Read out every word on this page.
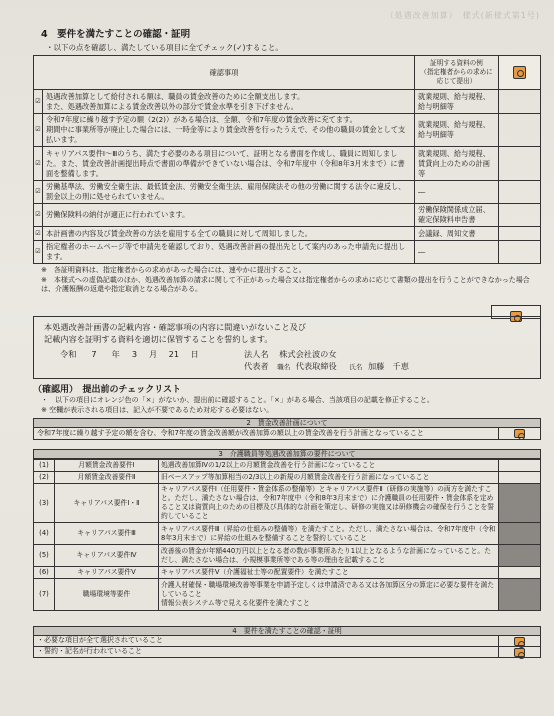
（処遇改善加算）　様式(新様式第1号)
4　要件を満たすことの確認・証明
・以下の点を確認し、満たしている項目に全てチェック(✓)すること。
確認事項		証明する資料の例
（指定権者からの求めに
応じて提出）	
☑	処遇改善加算として給付される額は、職員の賃金改善のために全額支出します。
また、処遇改善加算による賃金改善以外の部分で賃金水準を引き下げません。	就業規則、給与規程、
給与明細等	
☑	令和7年度に繰り越す予定の額（2(2)）がある場合は、全額、令和7年度の賃金改善に充てます。
期間中に事業所等が廃止した場合には、一時金等により賃金改善を行ったうえで、その他の職員の賃金として支払います。	就業規則、給与規程、
給与明細等	
☑	キャリアパス要件Ⅰ～Ⅲのうち、満たす必要のある項目について、証明となる書面を作成し、職員に周知しました。また、賃金改善計画提出時点で書面の準備ができていない場合は、令和7年度中（令和8年3月末まで）に書面を整備します。	就業規則、給与規程、
賃貸向上のための計画等	
☑	労働基準法、労働安全衛生法、最低賃金法、労働安全衛生法、雇用保険法その他の労働に関する法令に違反し、罰金以上の刑に処せられていません。	―	
☑	労働保険料の納付が適正に行われています。	労働保険関係成立届、
確定保険料申告書	
☑	本計画書の内容及び賃金改善の方法を雇用する全ての職員に対して周知しました。	会議録、周知文書	
☑	指定権者のホームページ等で申請先を確認しており、処遇改善計画の提出先として案内のあった申請先に提出します。	―	
※　各証明資料は、指定権者からの求めがあった場合には、速やかに提出すること。
※　本様式への虚偽記載のほか、処遇改善加算の請求に関して不正があった場合又は指定権者からの求めに応じて書類の提出を行うことができなかった場合は、介護報酬の返還や指定取消となる場合がある。
本処遇改善計画書の記載内容・確認事項の内容に間違いがないこと及び
記載内容を証明する資料を適切に保管することを誓約します。
令和 7 年 3 月 21 日	法人名 株式会社波の女
代表者 職名 代表取締役 氏名 加藤　千恵
（確認用）　提出前のチェックリスト
・　以下の項目にオレンジ色の「×」がないか、提出前に確認すること。「×」がある場合、当該項目の記載を修正すること。
※ 空欄が表示される項目は、記入が不要であるため対応する必要はない。
2　賃金改善計画について
令和7年度に繰り越す予定の額を含む、令和7年度の賃金改善額が改善加算の額以上の賃金改善を行う計画となっていること
3　介護職員等処遇改善加算の要件について
(1)	月額賃金改善要件Ⅰ	処遇改善加算Ⅳの1/2以上の月額賃金改善を行う計画になっていること	
(2)	月額賃金改善要件Ⅱ	旧ベースアップ等加算相当の2/3以上の新規の月額賃金改善を行う計画になっていること	
(3)	キャリアパス要件Ⅰ・Ⅱ	キャリアパス要件Ⅰ（任用要件・賃金体系の整備等）とキャリアパス要件Ⅱ（研修の実施等）の両方を満たすこと。ただし、満たさない場合は、令和7年度中（令和8年3月末まで）に介護職員の任用要件・賃金体系を定めること又は資質向上のための目標及び具体的な計画を策定し、研修の実施又は研修機会の確保を行うことを誓約していること	
(4)	キャリアパス要件Ⅲ	キャリアパス要件Ⅲ（昇給の仕組みの整備等）を満たすこと。ただし、満たさない場合は、令和7年度中（令和8年3月末まで）に昇給の仕組みを整備することを誓約していること	
(5)	キャリアパス要件Ⅳ	改善後の賃金が年額440万円以上となる者の数が事業所あたり1以上となるような計画になっていること。ただし、満たさない場合は、小規模事業所等である等の理由を記載すること	
(6)	キャリアパス要件Ⅴ	キャリアパス要件Ⅴ（介護福祉士等の配置要件）を満たすこと	
(7)	職場環境等要件	介護人材確保・職場環境改善等事業を申請予定しくは申請済である又は各加算区分の算定に必要な要件を満たしていること
情報公表システム等で見える化要件を満たすこと	
4　要件を満たすことの確認・証明
・必要な項目が全て選択されていること
・誓約・記名が行われていること
